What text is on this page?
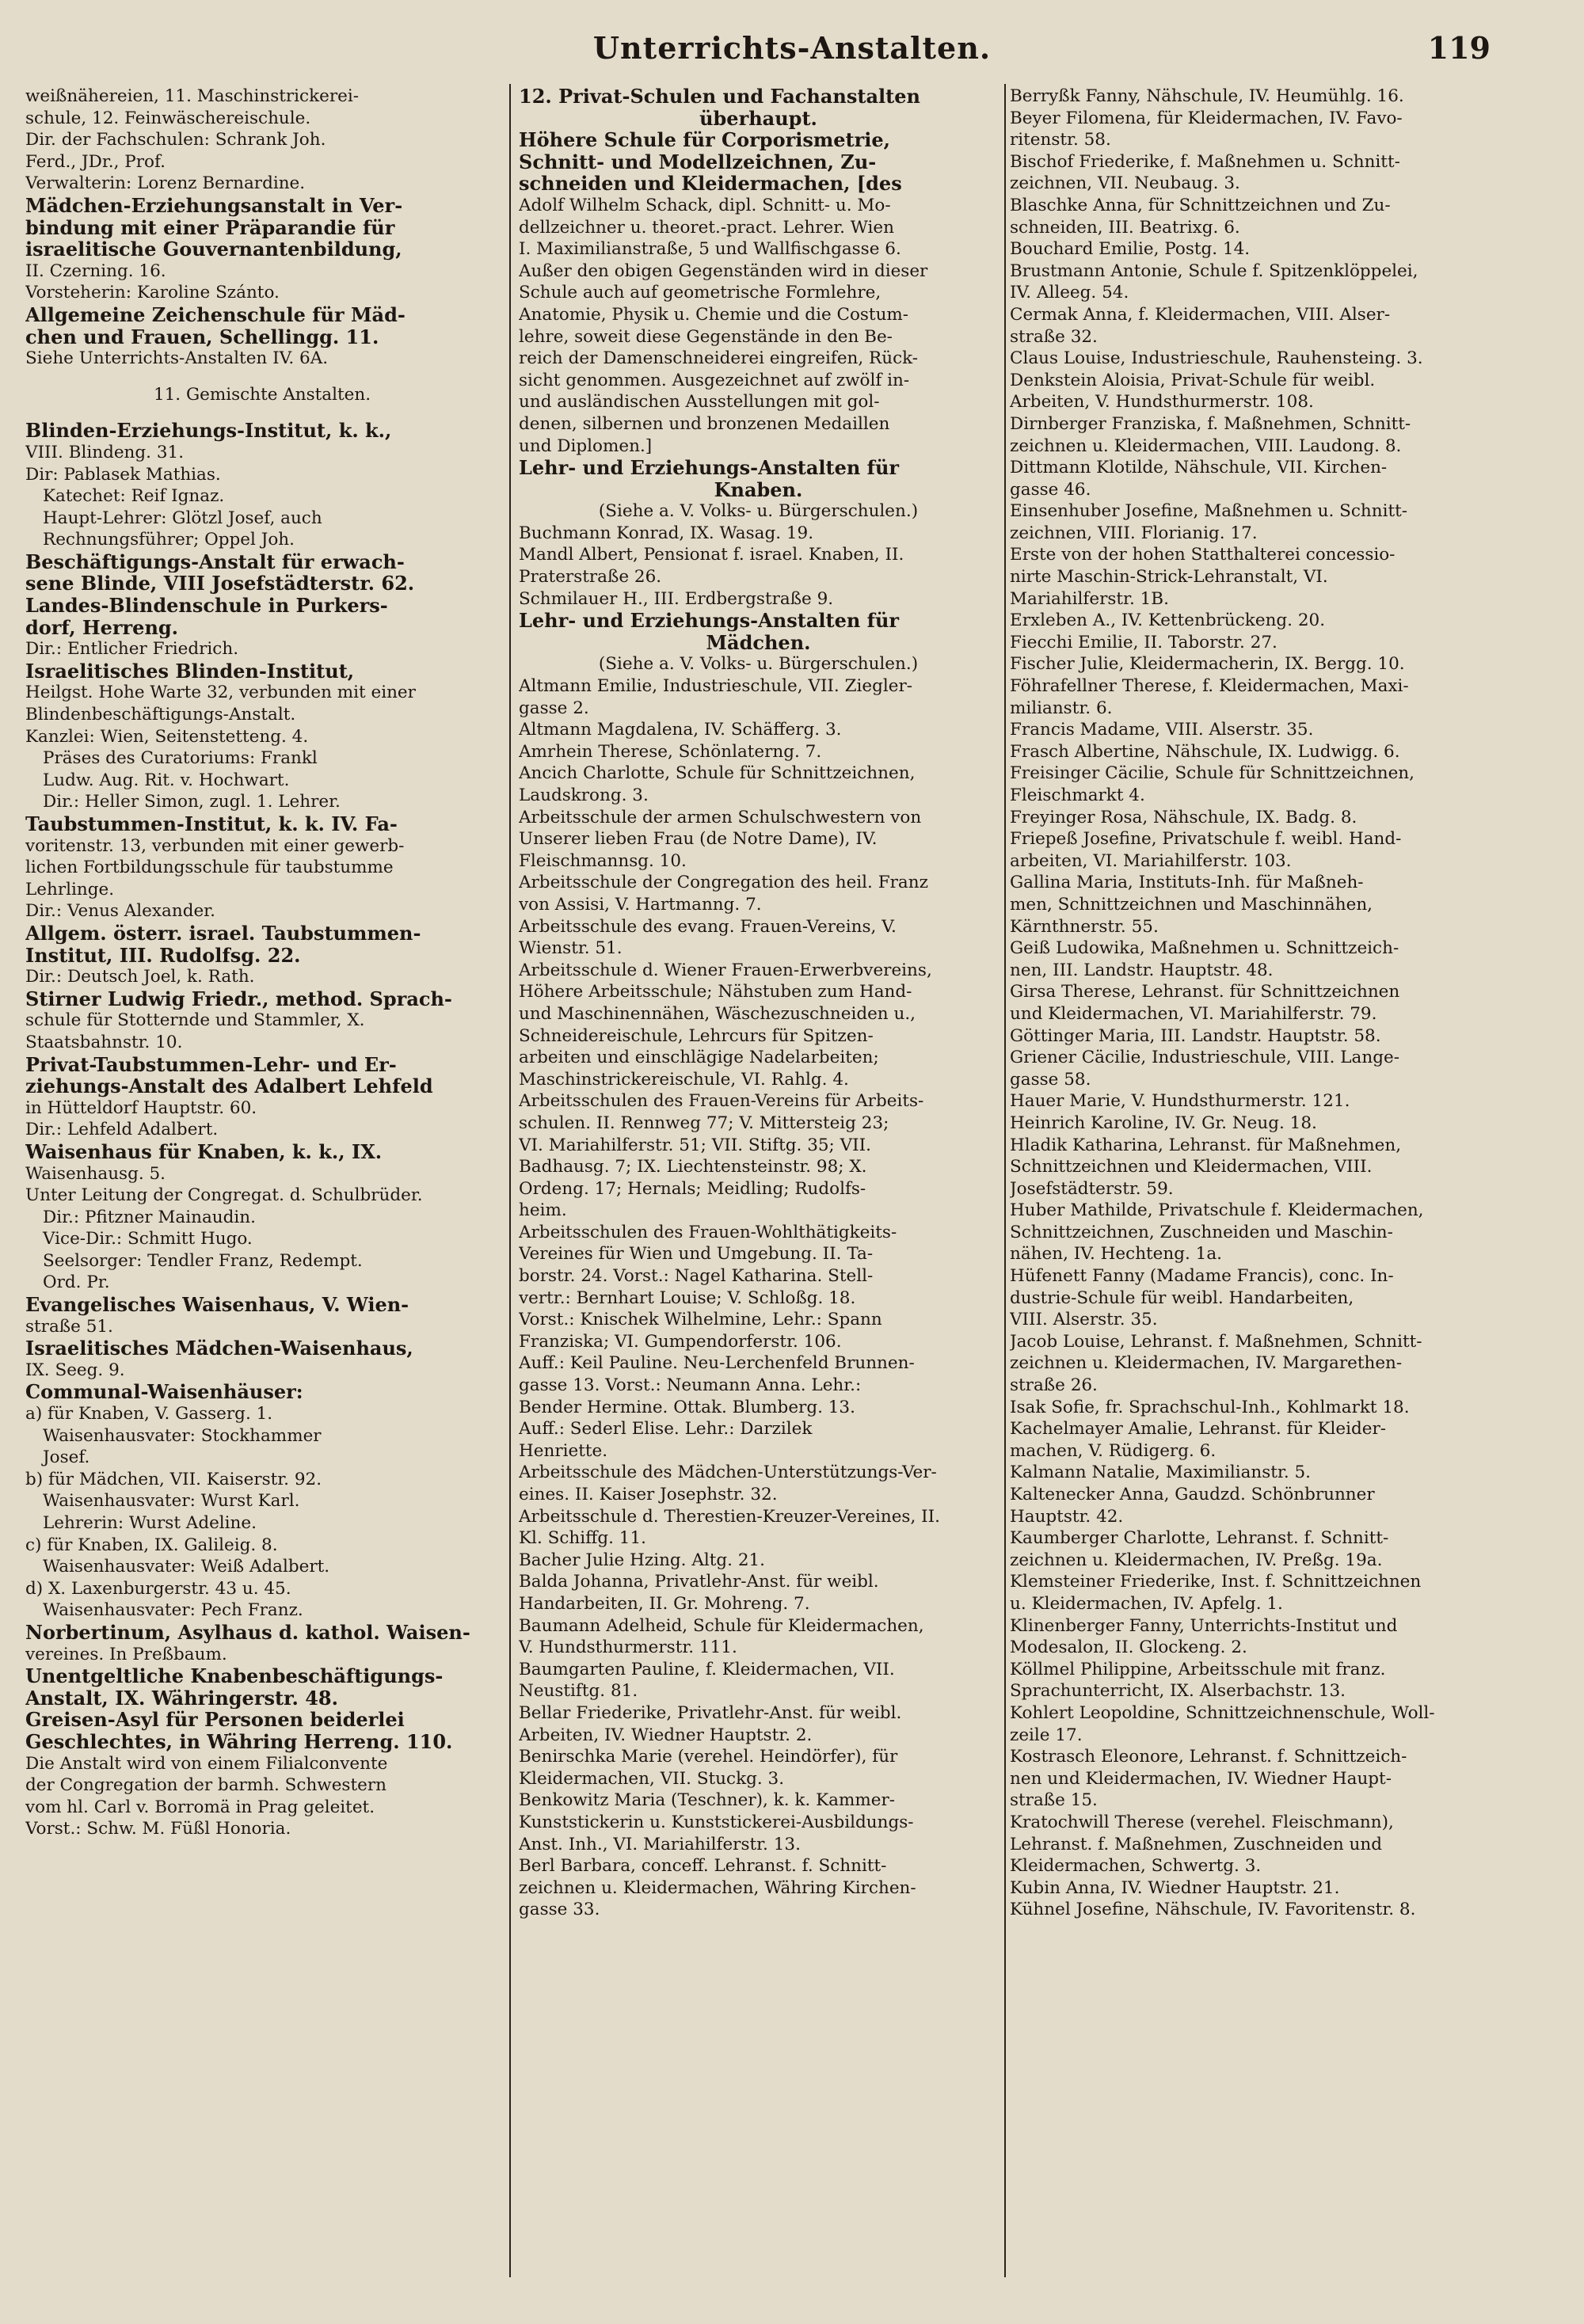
Unterrichts-Anstalten.	119
weißnähereien, 11. Maschinstrickerei-
schule, 12. Feinwäschereischule.
Dir. der Fachschulen: Schrank Joh.
Ferd., JDr., Prof.
Verwalterin: Lorenz Bernardine.
Mädchen-Erziehungsanstalt in Ver-
bindung mit einer Präparandie für
israelitische Gouvernantenbildung,
II. Czerning. 16.
Vorsteherin: Karoline Szánto.
Allgemeine Zeichenschule für Mäd-
chen und Frauen, Schellingg. 11.
Siehe Unterrichts-Anstalten IV. 6A.
11. Gemischte Anstalten.
Blinden-Erziehungs-Institut, k. k.,
VIII. Blindeng. 31.
Dir: Pablasek Mathias.
Katechet: Reif Ignaz.
Haupt-Lehrer: Glötzl Josef, auch
Rechnungsführer; Oppel Joh.
Beschäftigungs-Anstalt für erwach-
sene Blinde, VIII Josefstädterstr. 62.
Landes-Blindenschule in Purkers-
dorf, Herreng.
Dir.: Entlicher Friedrich.
Israelitisches Blinden-Institut,
Heilgst. Hohe Warte 32, verbunden mit einer
Blindenbeschäftigungs-Anstalt.
Kanzlei: Wien, Seitenstetteng. 4.
Präses des Curatoriums: Frankl
Ludw. Aug. Rit. v. Hochwart.
Dir.: Heller Simon, zugl. 1. Lehrer.
Taubstummen-Institut, k. k. IV. Fa-
voritenstr. 13, verbunden mit einer gewerb-
lichen Fortbildungsschule für taubstumme
Lehrlinge.
Dir.: Venus Alexander.
Allgem. österr. israel. Taubstummen-
Institut, III. Rudolfsg. 22.
Dir.: Deutsch Joel, k. Rath.
Stirner Ludwig Friedr., method. Sprach-
schule für Stotternde und Stammler, X.
Staatsbahnstr. 10.
Privat-Taubstummen-Lehr- und Er-
ziehungs-Anstalt des Adalbert Lehfeld
in Hütteldorf Hauptstr. 60.
Dir.: Lehfeld Adalbert.
Waisenhaus für Knaben, k. k., IX.
Waisenhausg. 5.
Unter Leitung der Congregat. d. Schulbrüder.
Dir.: Pfitzner Mainaudin.
Vice-Dir.: Schmitt Hugo.
Seelsorger: Tendler Franz, Redempt.
Ord. Pr.
Evangelisches Waisenhaus, V. Wien-
straße 51.
Israelitisches Mädchen-Waisenhaus,
IX. Seeg. 9.
Communal-Waisenhäuser:
a) für Knaben, V. Gasserg. 1.
Waisenhausvater: Stockhammer
Josef.
b) für Mädchen, VII. Kaiserstr. 92.
Waisenhausvater: Wurst Karl.
Lehrerin: Wurst Adeline.
c) für Knaben, IX. Galileig. 8.
Waisenhausvater: Weiß Adalbert.
d) X. Laxenburgerstr. 43 u. 45.
Waisenhausvater: Pech Franz.
Norbertinum, Asylhaus d. kathol. Waisen-
vereines. In Preßbaum.
Unentgeltliche Knabenbeschäftigungs-
Anstalt, IX. Währingerstr. 48.
Greisen-Asyl für Personen beiderlei
Geschlechtes, in Währing Herreng. 110.
Die Anstalt wird von einem Filialconvente
der Congregation der barmh. Schwestern
vom hl. Carl v. Borromä in Prag geleitet.
Vorst.: Schw. M. Füßl Honoria.
12. Privat-Schulen und Fachanstalten
überhaupt.
Höhere Schule für Corporismetrie,
Schnitt- und Modellzeichnen, Zu-
schneiden und Kleidermachen, [des
Adolf Wilhelm Schack, dipl. Schnitt- u. Mo-
dellzeichner u. theoret.-pract. Lehrer. Wien
I. Maximilianstraße, 5 und Wallfischgasse 6.
Außer den obigen Gegenständen wird in dieser
Schule auch auf geometrische Formlehre,
Anatomie, Physik u. Chemie und die Costum-
lehre, soweit diese Gegenstände in den Be-
reich der Damenschneiderei eingreifen, Rück-
sicht genommen. Ausgezeichnet auf zwölf in-
und ausländischen Ausstellungen mit gol-
denen, silbernen und bronzenen Medaillen
und Diplomen.]
Lehr- und Erziehungs-Anstalten für
Knaben.
(Siehe a. V. Volks- u. Bürgerschulen.)
Buchmann Konrad, IX. Wasag. 19.
Mandl Albert, Pensionat f. israel. Knaben, II.
Praterstraße 26.
Schmilauer H., III. Erdbergstraße 9.
Lehr- und Erziehungs-Anstalten für
Mädchen.
(Siehe a. V. Volks- u. Bürgerschulen.)
Altmann Emilie, Industrieschule, VII. Ziegler-
gasse 2.
Altmann Magdalena, IV. Schäfferg. 3.
Amrhein Therese, Schönlaterng. 7.
Ancich Charlotte, Schule für Schnittzeichnen,
Laudskrong. 3.
Arbeitsschule der armen Schulschwestern von
Unserer lieben Frau (de Notre Dame), IV.
Fleischmannsg. 10.
Arbeitsschule der Congregation des heil. Franz
von Assisi, V. Hartmanng. 7.
Arbeitsschule des evang. Frauen-Vereins, V.
Wienstr. 51.
Arbeitsschule d. Wiener Frauen-Erwerbvereins,
Höhere Arbeitsschule; Nähstuben zum Hand-
und Maschinennähen, Wäschezuschneiden u.,
Schneidereischule, Lehrcurs für Spitzen-
arbeiten und einschlägige Nadelarbeiten;
Maschinstrickereischule, VI. Rahlg. 4.
Arbeitsschulen des Frauen-Vereins für Arbeits-
schulen. II. Rennweg 77; V. Mittersteig 23;
VI. Mariahilferstr. 51; VII. Stiftg. 35; VII.
Badhausg. 7; IX. Liechtensteinstr. 98; X.
Ordeng. 17; Hernals; Meidling; Rudolfs-
heim.
Arbeitsschulen des Frauen-Wohlthätigkeits-
Vereines für Wien und Umgebung. II. Ta-
borstr. 24. Vorst.: Nagel Katharina. Stell-
vertr.: Bernhart Louise; V. Schloßg. 18.
Vorst.: Knischek Wilhelmine, Lehr.: Spann
Franziska; VI. Gumpendorferstr. 106.
Auff.: Keil Pauline. Neu-Lerchenfeld Brunnen-
gasse 13. Vorst.: Neumann Anna. Lehr.:
Bender Hermine. Ottak. Blumberg. 13.
Auff.: Sederl Elise. Lehr.: Darzilek
Henriette.
Arbeitsschule des Mädchen-Unterstützungs-Ver-
eines. II. Kaiser Josephstr. 32.
Arbeitsschule d. Therestien-Kreuzer-Vereines, II.
Kl. Schiffg. 11.
Bacher Julie Hzing. Altg. 21.
Balda Johanna, Privatlehr-Anst. für weibl.
Handarbeiten, II. Gr. Mohreng. 7.
Baumann Adelheid, Schule für Kleidermachen,
V. Hundsthurmerstr. 111.
Baumgarten Pauline, f. Kleidermachen, VII.
Neustiftg. 81.
Bellar Friederike, Privatlehr-Anst. für weibl.
Arbeiten, IV. Wiedner Hauptstr. 2.
Benirschka Marie (verehel. Heindörfer), für
Kleidermachen, VII. Stuckg. 3.
Benkowitz Maria (Teschner), k. k. Kammer-
Kunststickerin u. Kunststickerei-Ausbildungs-
Anst. Inh., VI. Mariahilferstr. 13.
Berl Barbara, conceff. Lehranst. f. Schnitt-
zeichnen u. Kleidermachen, Währing Kirchen-
gasse 33.
Berryßk Fanny, Nähschule, IV. Heumühlg. 16.
Beyer Filomena, für Kleidermachen, IV. Favo-
ritenstr. 58.
Bischof Friederike, f. Maßnehmen u. Schnitt-
zeichnen, VII. Neubaug. 3.
Blaschke Anna, für Schnittzeichnen und Zu-
schneiden, III. Beatrixg. 6.
Bouchard Emilie, Postg. 14.
Brustmann Antonie, Schule f. Spitzenklöppelei,
IV. Alleeg. 54.
Cermak Anna, f. Kleidermachen, VIII. Alser-
straße 32.
Claus Louise, Industrieschule, Rauhensteing. 3.
Denkstein Aloisia, Privat-Schule für weibl.
Arbeiten, V. Hundsthurmerstr. 108.
Dirnberger Franziska, f. Maßnehmen, Schnitt-
zeichnen u. Kleidermachen, VIII. Laudong. 8.
Dittmann Klotilde, Nähschule, VII. Kirchen-
gasse 46.
Einsenhuber Josefine, Maßnehmen u. Schnitt-
zeichnen, VIII. Florianig. 17.
Erste von der hohen Statthalterei concessio-
nirte Maschin-Strick-Lehranstalt, VI.
Mariahilferstr. 1B.
Erxleben A., IV. Kettenbrückeng. 20.
Fiecchi Emilie, II. Taborstr. 27.
Fischer Julie, Kleidermacherin, IX. Bergg. 10.
Föhrafellner Therese, f. Kleidermachen, Maxi-
milianstr. 6.
Francis Madame, VIII. Alserstr. 35.
Frasch Albertine, Nähschule, IX. Ludwigg. 6.
Freisinger Cäcilie, Schule für Schnittzeichnen,
Fleischmarkt 4.
Freyinger Rosa, Nähschule, IX. Badg. 8.
Friepeß Josefine, Privatschule f. weibl. Hand-
arbeiten, VI. Mariahilferstr. 103.
Gallina Maria, Instituts-Inh. für Maßneh-
men, Schnittzeichnen und Maschinnähen,
Kärnthnerstr. 55.
Geiß Ludowika, Maßnehmen u. Schnittzeich-
nen, III. Landstr. Hauptstr. 48.
Girsa Therese, Lehranst. für Schnittzeichnen
und Kleidermachen, VI. Mariahilferstr. 79.
Göttinger Maria, III. Landstr. Hauptstr. 58.
Griener Cäcilie, Industrieschule, VIII. Lange-
gasse 58.
Hauer Marie, V. Hundsthurmerstr. 121.
Heinrich Karoline, IV. Gr. Neug. 18.
Hladik Katharina, Lehranst. für Maßnehmen,
Schnittzeichnen und Kleidermachen, VIII.
Josefstädterstr. 59.
Huber Mathilde, Privatschule f. Kleidermachen,
Schnittzeichnen, Zuschneiden und Maschin-
nähen, IV. Hechteng. 1a.
Hüfenett Fanny (Madame Francis), conc. In-
dustrie-Schule für weibl. Handarbeiten,
VIII. Alserstr. 35.
Jacob Louise, Lehranst. f. Maßnehmen, Schnitt-
zeichnen u. Kleidermachen, IV. Margarethen-
straße 26.
Isak Sofie, fr. Sprachschul-Inh., Kohlmarkt 18.
Kachelmayer Amalie, Lehranst. für Kleider-
machen, V. Rüdigerg. 6.
Kalmann Natalie, Maximilianstr. 5.
Kaltenecker Anna, Gaudzd. Schönbrunner
Hauptstr. 42.
Kaumberger Charlotte, Lehranst. f. Schnitt-
zeichnen u. Kleidermachen, IV. Preßg. 19a.
Klemsteiner Friederike, Inst. f. Schnittzeichnen
u. Kleidermachen, IV. Apfelg. 1.
Klinenberger Fanny, Unterrichts-Institut und
Modesalon, II. Glockeng. 2.
Köllmel Philippine, Arbeitsschule mit franz.
Sprachunterricht, IX. Alserbachstr. 13.
Kohlert Leopoldine, Schnittzeichnenschule, Woll-
zeile 17.
Kostrasch Eleonore, Lehranst. f. Schnittzeich-
nen und Kleidermachen, IV. Wiedner Haupt-
straße 15.
Kratochwill Therese (verehel. Fleischmann),
Lehranst. f. Maßnehmen, Zuschneiden und
Kleidermachen, Schwertg. 3.
Kubin Anna, IV. Wiedner Hauptstr. 21.
Kühnel Josefine, Nähschule, IV. Favoritenstr. 8.
